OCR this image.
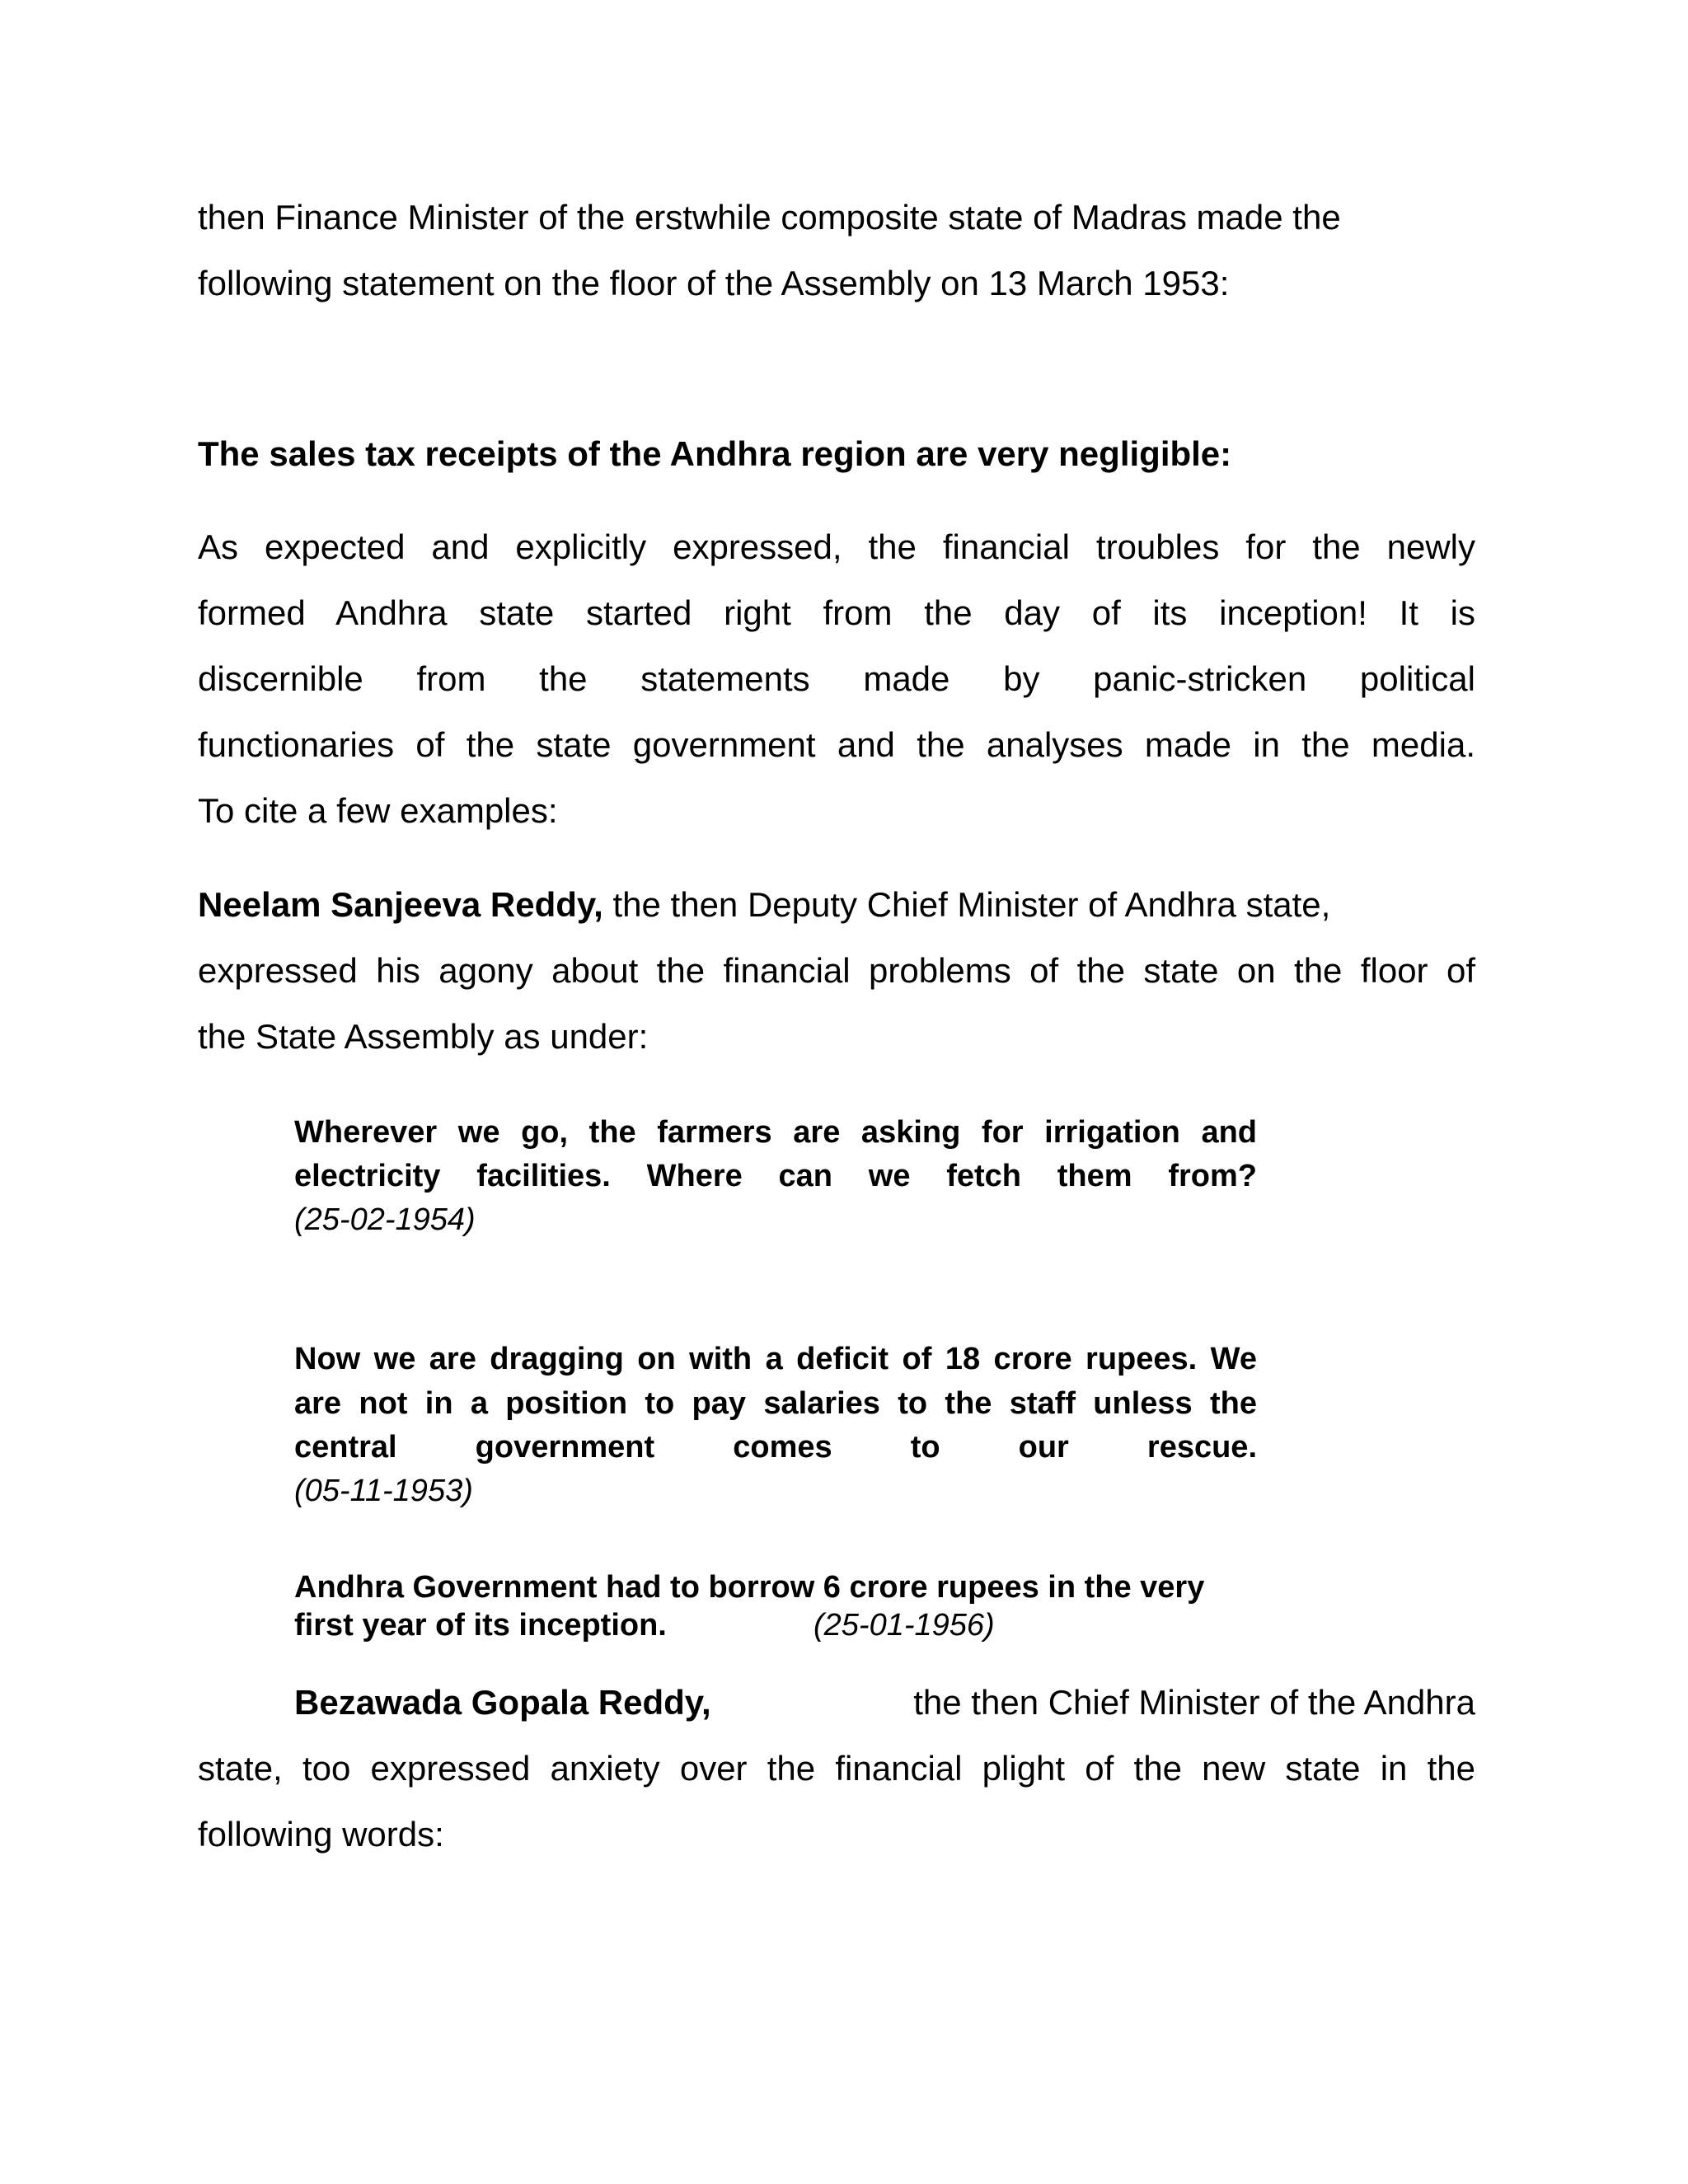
then Finance Minister of the erstwhile composite state of Madras made the
following statement on the floor of the Assembly on 13 March 1953:
The sales tax receipts of the Andhra region are very negligible:
As expected and explicitly expressed, the financial troubles for the newly
formed Andhra state started right from the day of its inception! It is
discernible from the statements made by panic-stricken political
functionaries of the state government and the analyses made in the media.
To cite a few examples:
Neelam Sanjeeva Reddy, the then Deputy Chief Minister of Andhra state,
expressed his agony about the financial problems of the state on the floor of
the State Assembly as under:
Wherever we go, the farmers are asking for irrigation and
electricity facilities. Where can we fetch them from?
(25-02-1954)
Now we are dragging on with a deficit of 18 crore rupees. We
are not in a position to pay salaries to the staff unless the
central government comes to our rescue.
(05-11-1953)
Andhra Government had to borrow 6 crore rupees in the very
first year of its inception.	(25-01-1956)
Bezawada Gopala Reddy,	the then Chief Minister of the Andhra
state, too expressed anxiety over the financial plight of the new state in the
following words:
